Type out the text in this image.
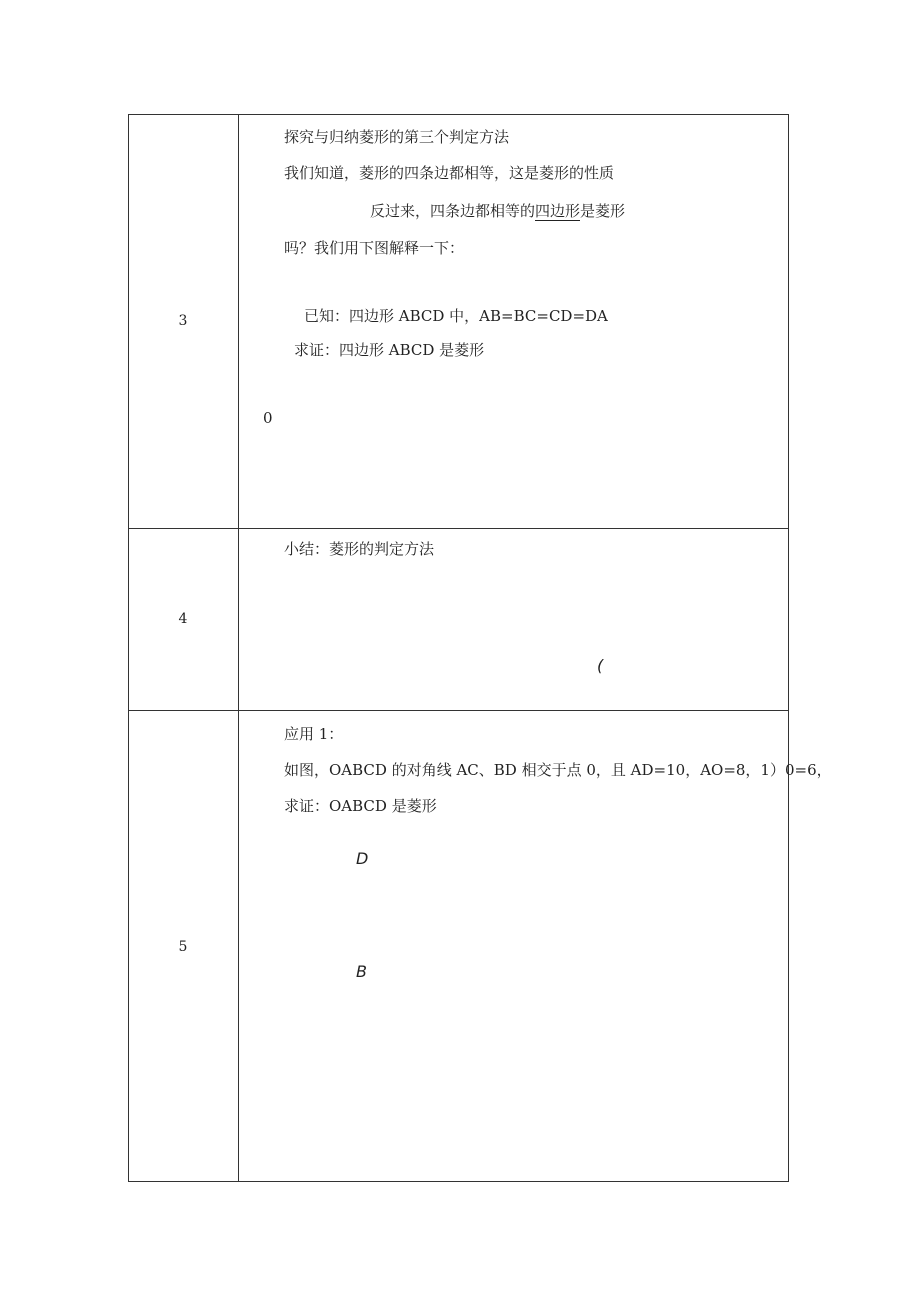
3
探究与归纳菱形的第三个判定方法
我们知道，菱形的四条边都相等，这是菱形的性质
反过来，四条边都相等的四边形是菱形
吗？我们用下图解释一下：
已知：四边形 ABCD 中，AB=BC=CD=DA
求证：四边形 ABCD 是菱形
0
4
小结：菱形的判定方法
(
5
应用 1：
如图，OABCD 的对角线 AC、BD 相交于点 0，且 AD=10，AO=8，1）0=6，
求证：OABCD 是菱形
D
B
